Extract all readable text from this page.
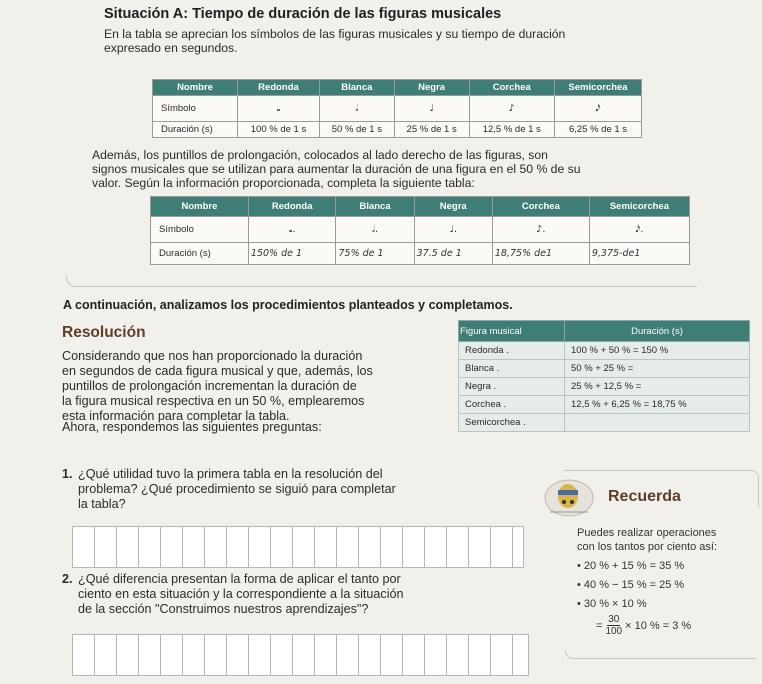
Situación A: Tiempo de duración de las figuras musicales
En la tabla se aprecian los símbolos de las figuras musicales y su tiempo de duración
expresado en segundos.
Nombre	Redonda	Blanca	Negra	Corchea	Semicorchea
Símbolo	𝅝	𝅗𝅥	♩	♪	𝅘𝅥𝅯
Duración (s)	100 % de 1 s	50 % de 1 s	25 % de 1 s	12,5 % de 1 s	6,25 % de 1 s
Además, los puntillos de prolongación, colocados al lado derecho de las figuras, son
signos musicales que se utilizan para aumentar la duración de una figura en el 50 % de su
valor. Según la información proporcionada, completa la siguiente tabla:
Nombre	Redonda	Blanca	Negra	Corchea	Semicorchea
Símbolo	𝅝.	𝅗𝅥.	♩.	♪.	𝅘𝅥𝅯.
Duración (s)	150% de 1	75% de 1	37.5 de 1	18,75% de1	9,375-de1
A continuación, analizamos los procedimientos planteados y completamos.
Resolución
Considerando que nos han proporcionado la duración
en segundos de cada figura musical y que, además, los
puntillos de prolongación incrementan la duración de
la figura musical respectiva en un 50 %, emplearemos
esta información para completar la tabla.
Figura musical	Duración (s)
Redonda .	100 % + 50 % = 150 %
Blanca .	50 % + 25 % =
Negra .	25 % + 12,5 % =
Corchea .	12,5 % + 6,25 % = 18,75 %
Semicorchea .	
Ahora, respondemos las siguientes preguntas:
1. ¿Qué utilidad tuvo la primera tabla en la resolución del
problema? ¿Qué procedimiento se siguió para completar
la tabla?
2. ¿Qué diferencia presentan la forma de aplicar el tanto por
ciento en esta situación y la correspondiente a la situación
de la sección "Construimos nuestros aprendizajes"?
Recuerda
Puedes realizar operaciones
con los tantos por ciento así:
• 20 % + 15 % = 35 %
• 40 % − 15 % = 25 %
• 30 % × 10 %
= $\frac{30}{100} \times 10$ % = 3 %
